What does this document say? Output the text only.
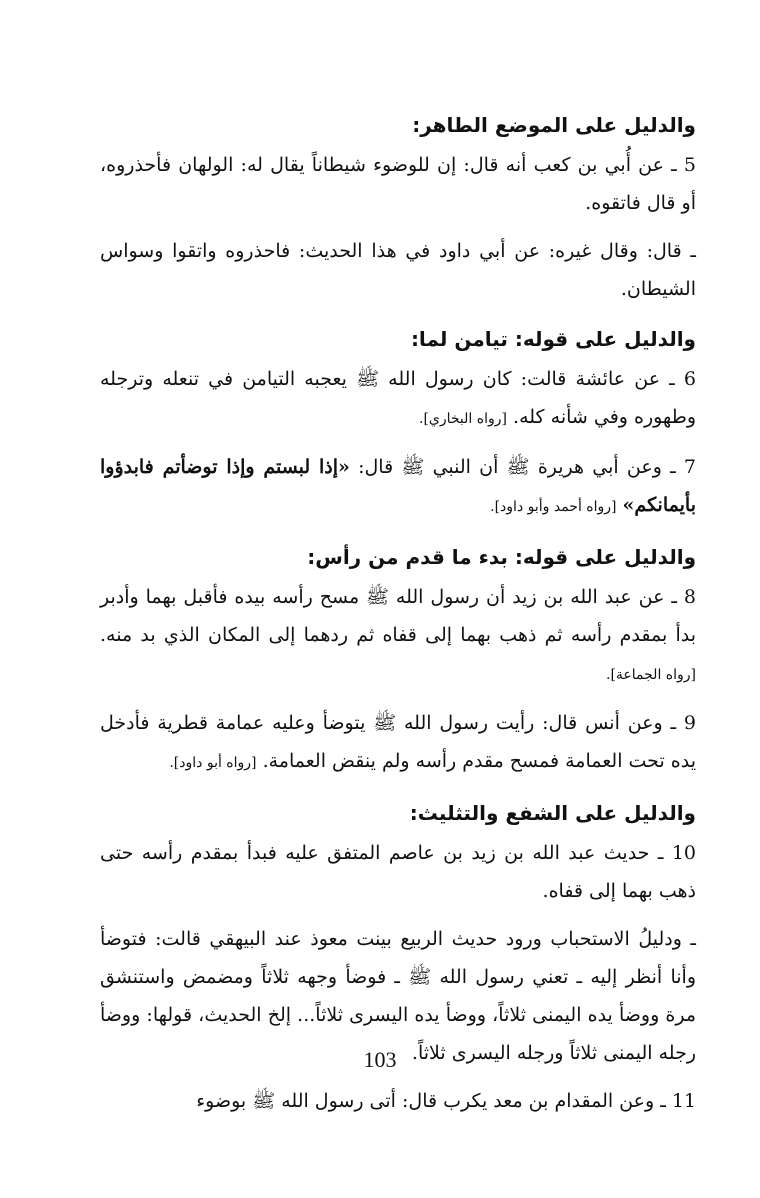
والدليل على الموضع الطاهر:

5 ـ عن أُبي بن كعب أنه قال: إن للوضوء شيطاناً يقال له: الولهان فأحذروه، أو قال فاتقوه.

ـ قال: وقال غيره: عن أبي داود في هذا الحديث: فاحذروه واتقوا وسواس الشيطان.

والدليل على قوله: تيامن لما:

6 ـ عن عائشة قالت: كان رسول الله ﷺ يعجبه التيامن في تنعله وترجله وطهوره وفي شأنه كله. [رواه البخاري].

7 ـ وعن أبي هريرة ﷺ أن النبي ﷺ قال: «إذا لبستم وإذا توضأتم فابدؤوا بأيمانكم» [رواه أحمد وأبو داود].

والدليل على قوله: بدء ما قدم من رأس:

8 ـ عن عبد الله بن زيد أن رسول الله ﷺ مسح رأسه بيده فأقبل بهما وأدبر بدأ بمقدم رأسه ثم ذهب بهما إلى قفاه ثم ردهما إلى المكان الذي بد منه. [رواه الجماعة].

9 ـ وعن أنس قال: رأيت رسول الله ﷺ يتوضأ وعليه عمامة قطرية فأدخل يده تحت العمامة فمسح مقدم رأسه ولم ينقض العمامة. [رواه أبو داود].

والدليل على الشفع والتثليث:

10 ـ حديث عبد الله بن زيد بن عاصم المتفق عليه فبدأ بمقدم رأسه حتى ذهب بهما إلى قفاه.

ـ ودليلُ الاستحباب ورود حديث الربيع بينت معوذ عند البيهقي قالت: فتوضأ وأنا أنظر إليه ـ تعني رسول الله ﷺ ـ فوضأ وجهه ثلاثاً ومضمض واستنشق مرة ووضأ يده اليمنى ثلاثاً، ووضأ يده اليسرى ثلاثاً... إلخ الحديث، قولها: ووضأ رجله اليمنى ثلاثاً ورجله اليسرى ثلاثاً.

11 ـ وعن المقدام بن معد يكرب قال: أتى رسول الله ﷺ بوضوء

103
